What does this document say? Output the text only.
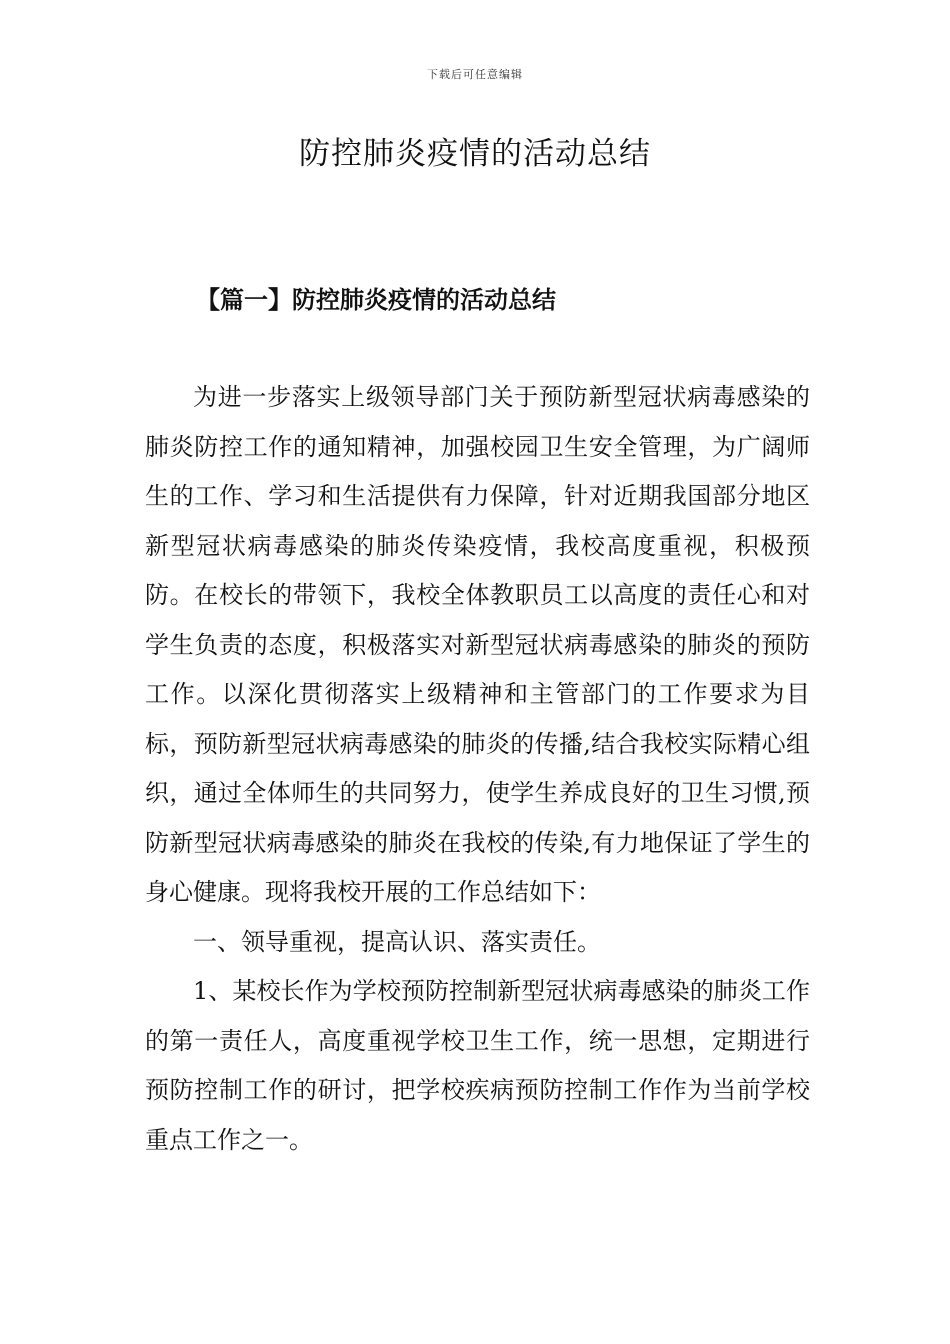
下载后可任意编辑
防控肺炎疫情的活动总结
【篇一】防控肺炎疫情的活动总结

为进一步落实上级领导部门关于预防新型冠状病毒感染的肺炎防控工作的通知精神，加强校园卫生安全管理，为广阔师生的工作、学习和生活提供有力保障，针对近期我国部分地区新型冠状病毒感染的肺炎传染疫情，我校高度重视，积极预防。在校长的带领下，我校全体教职员工以高度的责任心和对学生负责的态度，积极落实对新型冠状病毒感染的肺炎的预防工作。以深化贯彻落实上级精神和主管部门的工作要求为目标，预防新型冠状病毒感染的肺炎的传播,结合我校实际精心组织，通过全体师生的共同努力，使学生养成良好的卫生习惯,预防新型冠状病毒感染的肺炎在我校的传染,有力地保证了学生的身心健康。现将我校开展的工作总结如下：

一、领导重视，提高认识、落实责任。

1、某校长作为学校预防控制新型冠状病毒感染的肺炎工作的第一责任人，高度重视学校卫生工作，统一思想，定期进行预防控制工作的研讨，把学校疾病预防控制工作作为当前学校重点工作之一。
